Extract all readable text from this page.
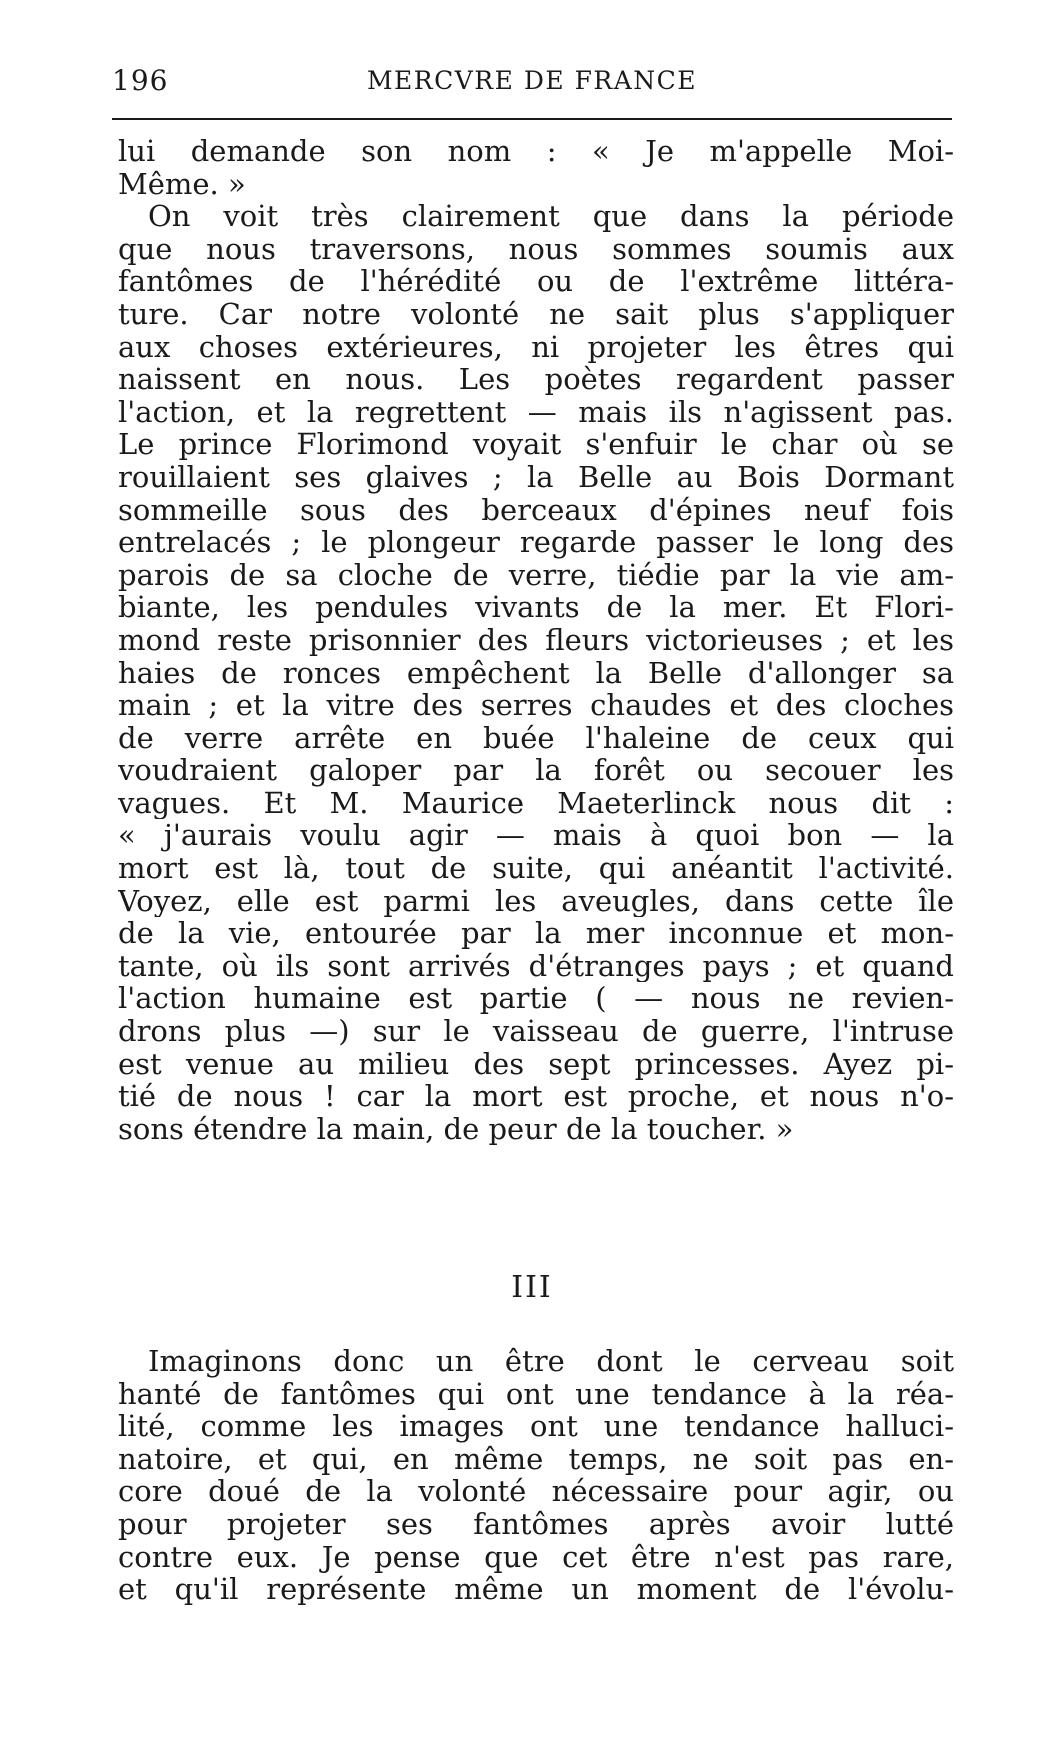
196	MERCVRE DE FRANCE
lui demande son nom : « Je m'appelle Moi-
Même. »
On voit très clairement que dans la période
que nous traversons, nous sommes soumis aux
fantômes de l'hérédité ou de l'extrême littéra-
ture. Car notre volonté ne sait plus s'appliquer
aux choses extérieures, ni projeter les êtres qui
naissent en nous. Les poètes regardent passer
l'action, et la regrettent — mais ils n'agissent pas.
Le prince Florimond voyait s'enfuir le char où se
rouillaient ses glaives ; la Belle au Bois Dormant
sommeille sous des berceaux d'épines neuf fois
entrelacés ; le plongeur regarde passer le long des
parois de sa cloche de verre, tiédie par la vie am-
biante, les pendules vivants de la mer. Et Flori-
mond reste prisonnier des fleurs victorieuses ; et les
haies de ronces empêchent la Belle d'allonger sa
main ; et la vitre des serres chaudes et des cloches
de verre arrête en buée l'haleine de ceux qui
voudraient galoper par la forêt ou secouer les
vagues. Et M. Maurice Maeterlinck nous dit :
« j'aurais voulu agir — mais à quoi bon — la
mort est là, tout de suite, qui anéantit l'activité.
Voyez, elle est parmi les aveugles, dans cette île
de la vie, entourée par la mer inconnue et mon-
tante, où ils sont arrivés d'étranges pays ; et quand
l'action humaine est partie ( — nous ne revien-
drons plus —) sur le vaisseau de guerre, l'intruse
est venue au milieu des sept princesses. Ayez pi-
tié de nous ! car la mort est proche, et nous n'o-
sons étendre la main, de peur de la toucher. »
III
Imaginons donc un être dont le cerveau soit
hanté de fantômes qui ont une tendance à la réa-
lité, comme les images ont une tendance halluci-
natoire, et qui, en même temps, ne soit pas en-
core doué de la volonté nécessaire pour agir, ou
pour projeter ses fantômes après avoir lutté
contre eux. Je pense que cet être n'est pas rare,
et qu'il représente même un moment de l'évolu-
